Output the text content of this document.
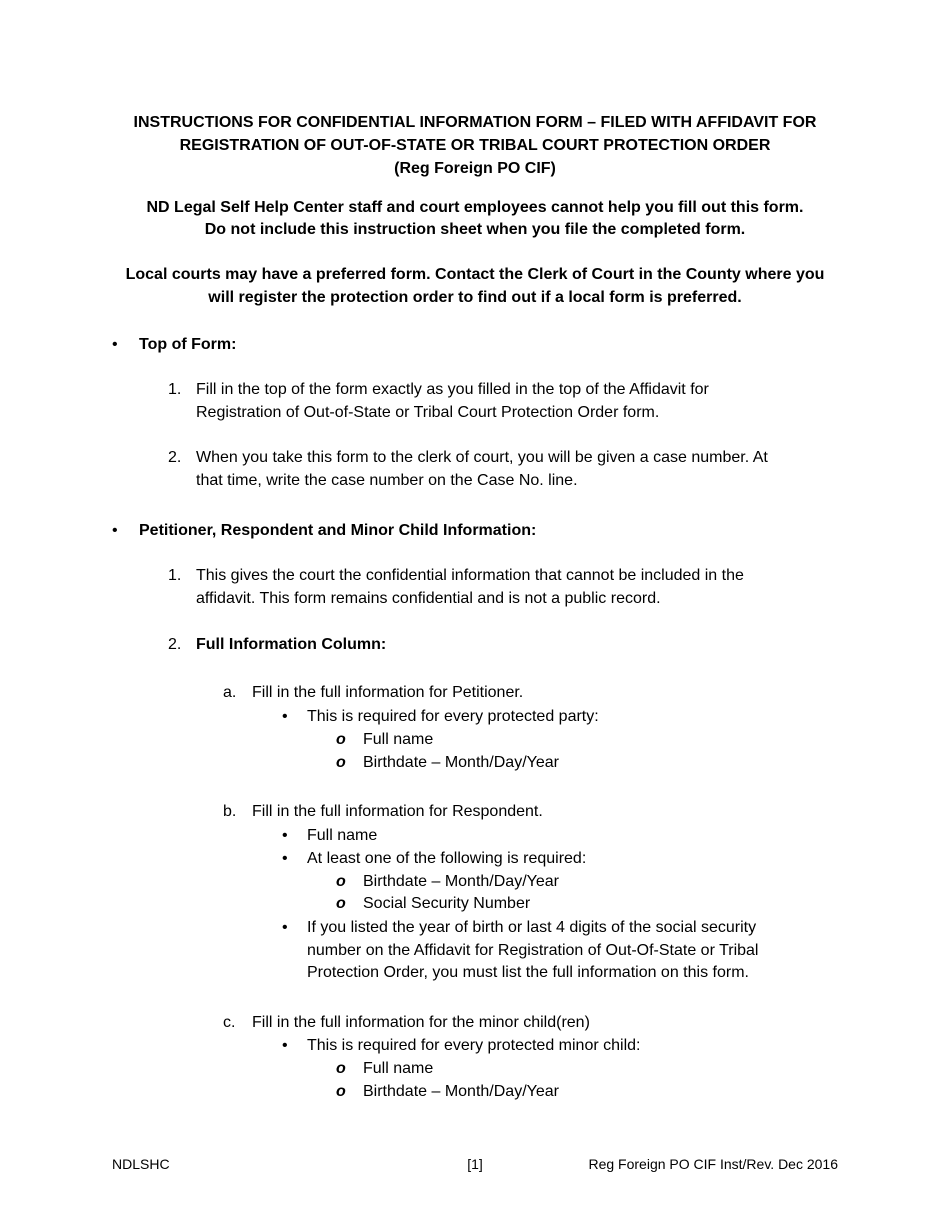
INSTRUCTIONS FOR CONFIDENTIAL INFORMATION FORM – FILED WITH AFFIDAVIT FOR
REGISTRATION OF OUT-OF-STATE OR TRIBAL COURT PROTECTION ORDER
(Reg Foreign PO CIF)
ND Legal Self Help Center staff and court employees cannot help you fill out this form.
Do not include this instruction sheet when you file the completed form.
Local courts may have a preferred form. Contact the Clerk of Court in the County where you
will register the protection order to find out if a local form is preferred.
• Top of Form:
1. Fill in the top of the form exactly as you filled in the top of the Affidavit for
Registration of Out-of-State or Tribal Court Protection Order form.
2. When you take this form to the clerk of court, you will be given a case number. At
that time, write the case number on the Case No. line.
• Petitioner, Respondent and Minor Child Information:
1. This gives the court the confidential information that cannot be included in the
affidavit. This form remains confidential and is not a public record.
2. Full Information Column:
a. Fill in the full information for Petitioner.
• This is required for every protected party:
o Full name
o Birthdate – Month/Day/Year
b. Fill in the full information for Respondent.
• Full name
• At least one of the following is required:
o Birthdate – Month/Day/Year
o Social Security Number
• If you listed the year of birth or last 4 digits of the social security
number on the Affidavit for Registration of Out-Of-State or Tribal
Protection Order, you must list the full information on this form.
c. Fill in the full information for the minor child(ren)
• This is required for every protected minor child:
o Full name
o Birthdate – Month/Day/Year
NDLSHC	[1]	Reg Foreign PO CIF Inst/Rev. Dec 2016
